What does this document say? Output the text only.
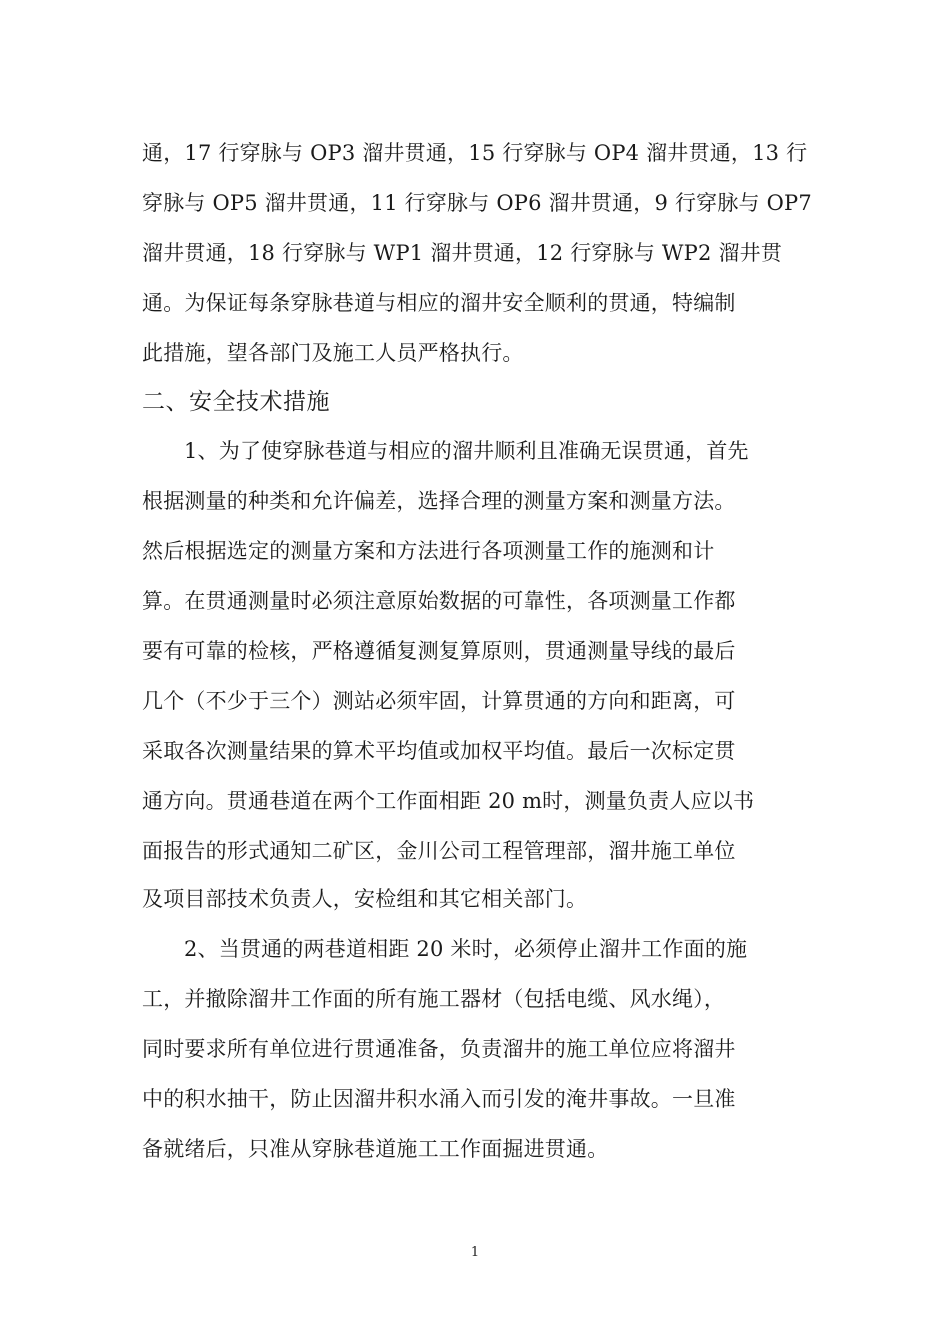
通，17 行穿脉与 OP3 溜井贯通，15 行穿脉与 OP4 溜井贯通，13 行
穿脉与 OP5 溜井贯通，11 行穿脉与 OP6 溜井贯通，9 行穿脉与 OP7
溜井贯通，18 行穿脉与 WP1 溜井贯通，12 行穿脉与 WP2 溜井贯
通。为保证每条穿脉巷道与相应的溜井安全顺利的贯通，特编制
此措施，望各部门及施工人员严格执行。
二、安全技术措施
1、为了使穿脉巷道与相应的溜井顺利且准确无误贯通，首先
根据测量的种类和允许偏差，选择合理的测量方案和测量方法。
然后根据选定的测量方案和方法进行各项测量工作的施测和计
算。在贯通测量时必须注意原始数据的可靠性，各项测量工作都
要有可靠的检核，严格遵循复测复算原则，贯通测量导线的最后
几个（不少于三个）测站必须牢固，计算贯通的方向和距离，可
采取各次测量结果的算术平均值或加权平均值。最后一次标定贯
通方向。贯通巷道在两个工作面相距 20 m时，测量负责人应以书
面报告的形式通知二矿区，金川公司工程管理部，溜井施工单位
及项目部技术负责人，安检组和其它相关部门。
2、当贯通的两巷道相距 20 米时，必须停止溜井工作面的施
工，并撤除溜井工作面的所有施工器材（包括电缆、风水绳），
同时要求所有单位进行贯通准备，负责溜井的施工单位应将溜井
中的积水抽干，防止因溜井积水涌入而引发的淹井事故。一旦准
备就绪后，只准从穿脉巷道施工工作面掘进贯通。
1
